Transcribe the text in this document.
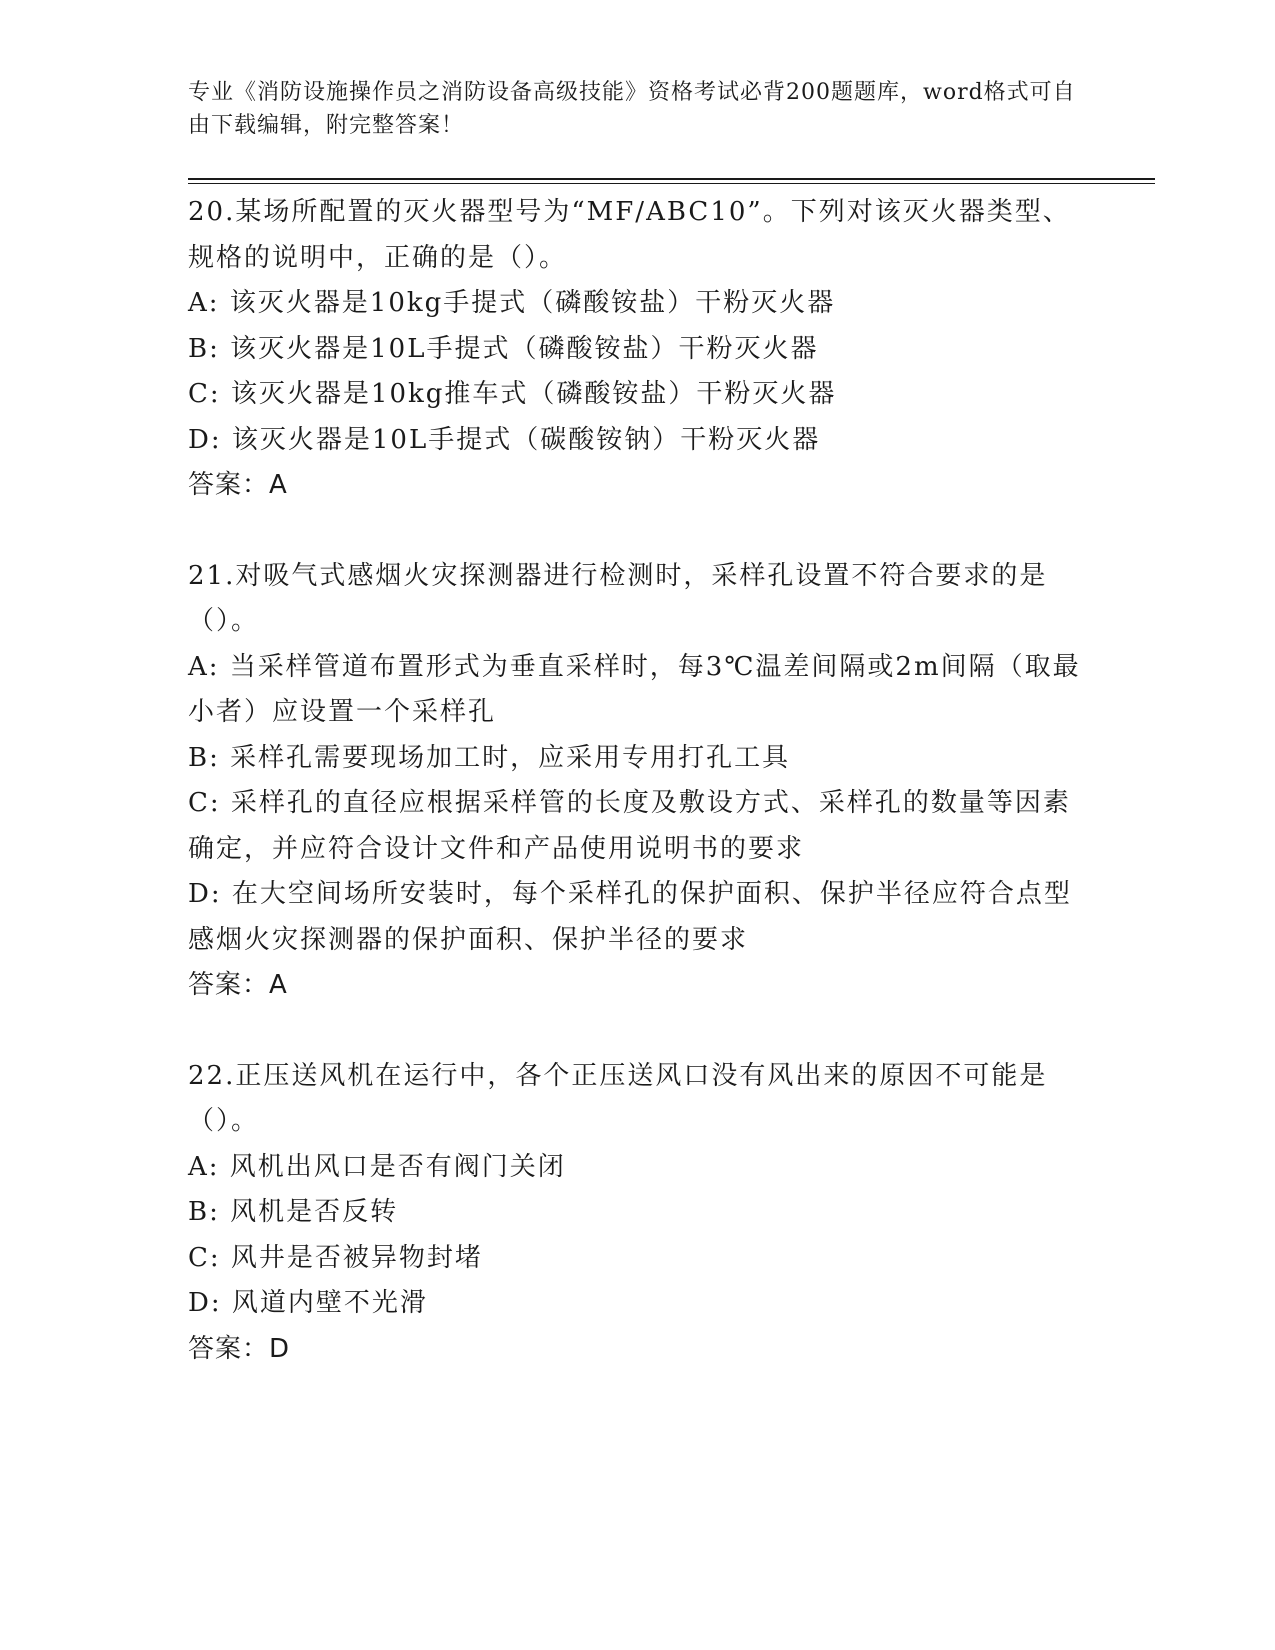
专业《消防设施操作员之消防设备高级技能》资格考试必背200题题库，word格式可自由下载编辑，附完整答案！
20.某场所配置的灭火器型号为“MF/ABC10”。下列对该灭火器类型、规格的说明中，正确的是（）。
A: 该灭火器是10kg手提式（磷酸铵盐）干粉灭火器
B: 该灭火器是10L手提式（磷酸铵盐）干粉灭火器
C: 该灭火器是10kg推车式（磷酸铵盐）干粉灭火器
D: 该灭火器是10L手提式（碳酸铵钠）干粉灭火器
答案：A
21.对吸气式感烟火灾探测器进行检测时，采样孔设置不符合要求的是（）。
A: 当采样管道布置形式为垂直采样时，每3℃温差间隔或2m间隔（取最小者）应设置一个采样孔
B: 采样孔需要现场加工时，应采用专用打孔工具
C: 采样孔的直径应根据采样管的长度及敷设方式、采样孔的数量等因素确定，并应符合设计文件和产品使用说明书的要求
D: 在大空间场所安装时，每个采样孔的保护面积、保护半径应符合点型感烟火灾探测器的保护面积、保护半径的要求
答案：A
22.正压送风机在运行中，各个正压送风口没有风出来的原因不可能是（）。
A: 风机出风口是否有阀门关闭
B: 风机是否反转
C: 风井是否被异物封堵
D: 风道内壁不光滑
答案：D
